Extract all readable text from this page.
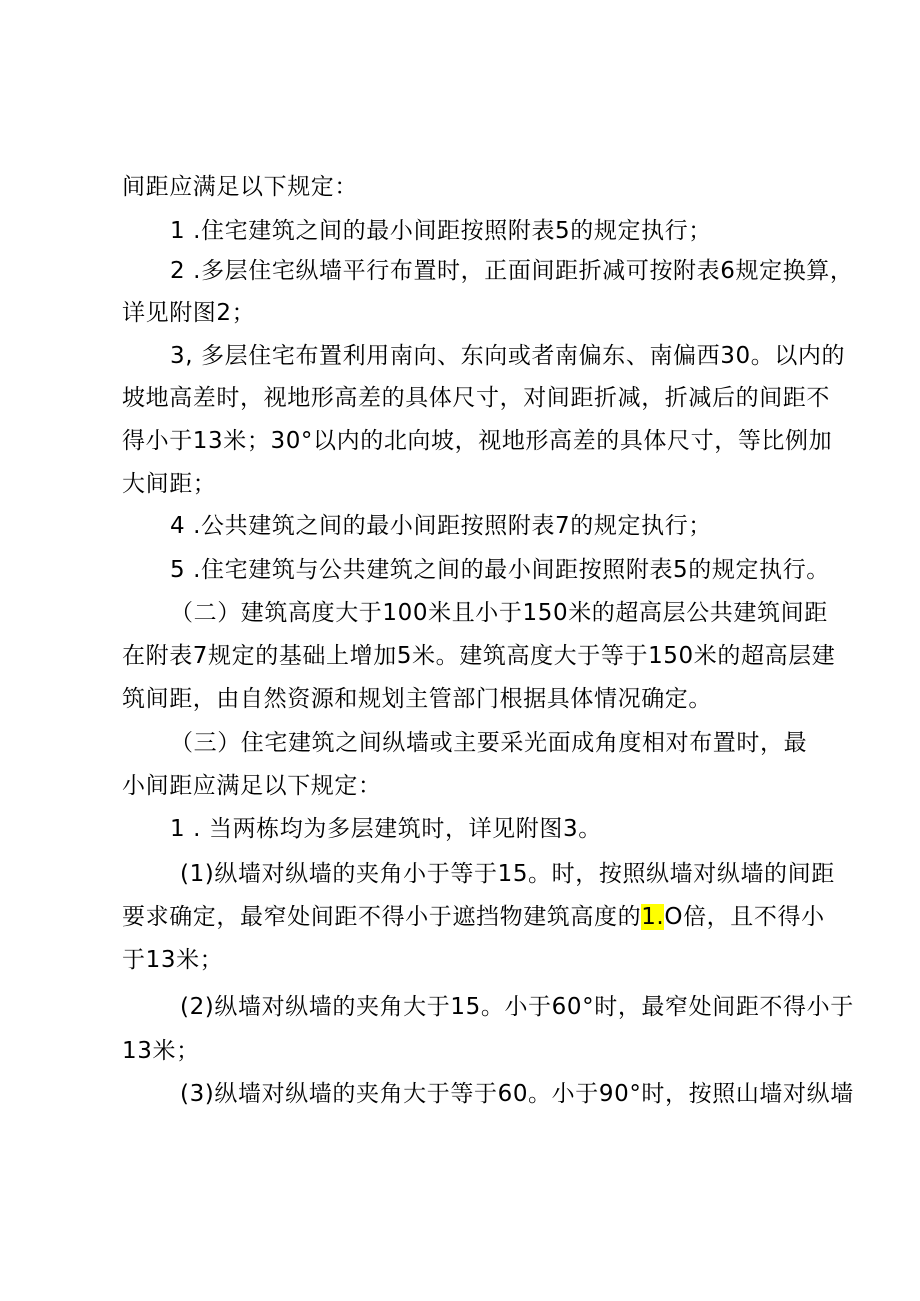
间距应满足以下规定：
1 .住宅建筑之间的最小间距按照附表5的规定执行；
2 .多层住宅纵墙平行布置时，正面间距折减可按附表6规定换算，
详见附图2；
3, 多层住宅布置利用南向、东向或者南偏东、南偏西30。以内的
坡地高差时，视地形高差的具体尺寸，对间距折减，折减后的间距不
得小于13米；30°以内的北向坡，视地形高差的具体尺寸，等比例加
大间距；
4 .公共建筑之间的最小间距按照附表7的规定执行；
5 .住宅建筑与公共建筑之间的最小间距按照附表5的规定执行。
（二）建筑高度大于100米且小于150米的超高层公共建筑间距
在附表7规定的基础上增加5米。建筑高度大于等于150米的超高层建
筑间距，由自然资源和规划主管部门根据具体情况确定。
（三）住宅建筑之间纵墙或主要采光面成角度相对布置时，最
小间距应满足以下规定：
1 . 当两栋均为多层建筑时，详见附图3。
(1)纵墙对纵墙的夹角小于等于15。时，按照纵墙对纵墙的间距
要求确定，最窄处间距不得小于遮挡物建筑高度的1.O倍，且不得小
于13米；
(2)纵墙对纵墙的夹角大于15。小于60°时，最窄处间距不得小于
13米；
(3)纵墙对纵墙的夹角大于等于60。小于90°时，按照山墙对纵墙
